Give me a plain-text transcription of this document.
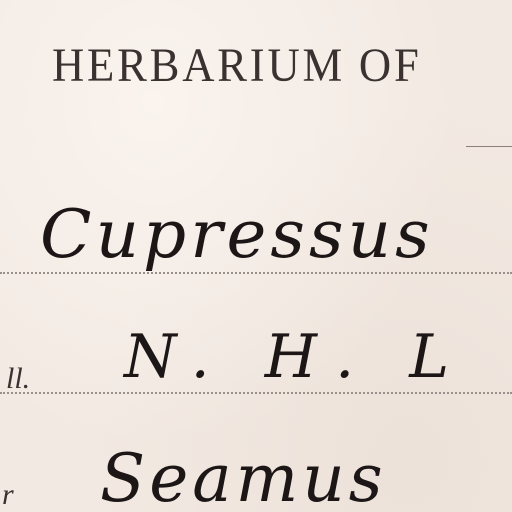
HERBARIUM OF
Cupressus
ll. N. H. L
r Seamus
